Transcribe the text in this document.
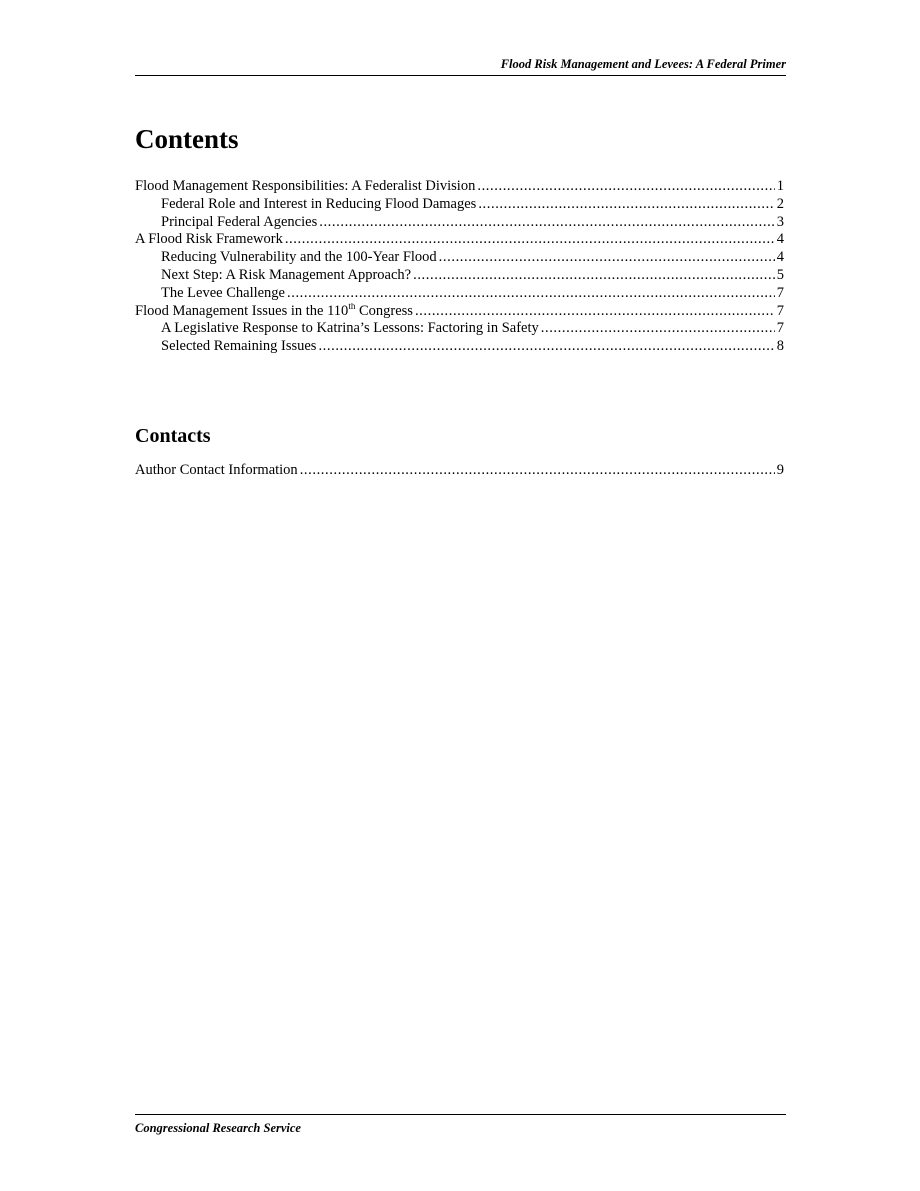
Flood Risk Management and Levees: A Federal Primer
Contents
Flood Management Responsibilities: A Federalist Division .....	1
Federal Role and Interest in Reducing Flood Damages .....	2
Principal Federal Agencies .....	3
A Flood Risk Framework .....	4
Reducing Vulnerability and the 100-Year Flood .....	4
Next Step: A Risk Management Approach? .....	5
The Levee Challenge .....	7
Flood Management Issues in the 110th Congress .....	7
A Legislative Response to Katrina’s Lessons: Factoring in Safety .....	7
Selected Remaining Issues .....	8
Contacts
Author Contact Information .....	9
Congressional Research Service
